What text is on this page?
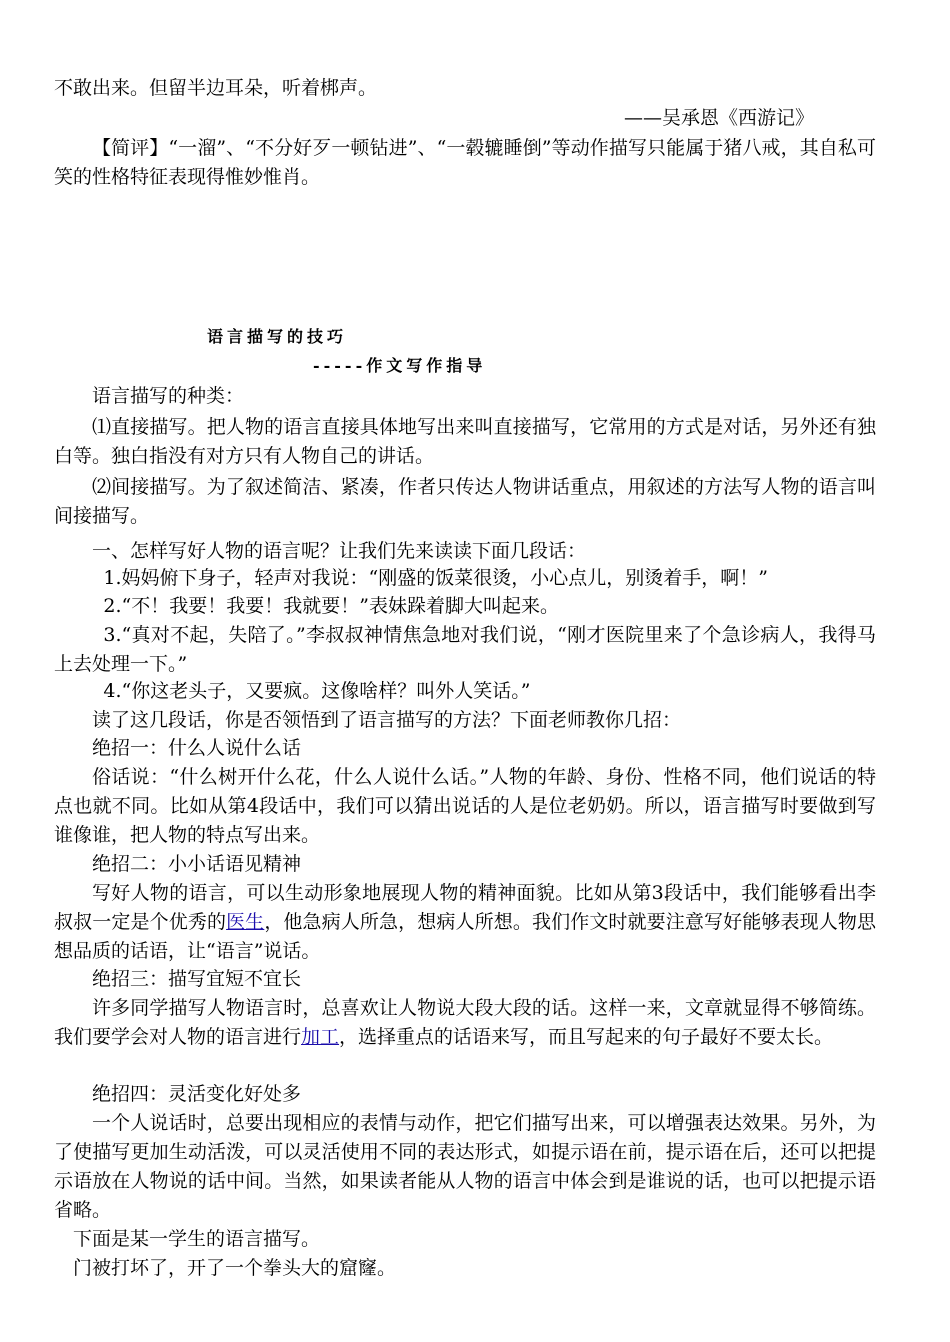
不敢出来。但留半边耳朵，听着梆声。

——吴承恩《西游记》

【简评】“一溜”、“不分好歹一顿钻进”、“一毂辘睡倒”等动作描写只能属于猪八戒，其自私可笑的性格特征表现得惟妙惟肖。

语言描写的技巧
-----作文写作指导

语言描写的种类：

⑴直接描写。把人物的语言直接具体地写出来叫直接描写，它常用的方式是对话，另外还有独白等。独白指没有对方只有人物自己的讲话。

⑵间接描写。为了叙述简洁、紧凑，作者只传达人物讲话重点，用叙述的方法写人物的语言叫间接描写。

一、怎样写好人物的语言呢？让我们先来读读下面几段话：

1.妈妈俯下身子，轻声对我说：“刚盛的饭菜很烫，小心点儿，别烫着手，啊！”

2.“不！我要！我要！我就要！”表妹跺着脚大叫起来。

3.“真对不起，失陪了。”李叔叔神情焦急地对我们说，“刚才医院里来了个急诊病人，我得马上去处理一下。”

4.“你这老头子，又要疯。这像啥样？叫外人笑话。”

读了这几段话，你是否领悟到了语言描写的方法？下面老师教你几招：

绝招一：什么人说什么话

俗话说：“什么树开什么花，什么人说什么话。”人物的年龄、身份、性格不同，他们说话的特点也就不同。比如从第4段话中，我们可以猜出说话的人是位老奶奶。所以，语言描写时要做到写谁像谁，把人物的特点写出来。

绝招二：小小话语见精神

写好人物的语言，可以生动形象地展现人物的精神面貌。比如从第3段话中，我们能够看出李叔叔一定是个优秀的医生，他急病人所急，想病人所想。我们作文时就要注意写好能够表现人物思想品质的话语，让“语言”说话。

绝招三：描写宜短不宜长

许多同学描写人物语言时，总喜欢让人物说大段大段的话。这样一来，文章就显得不够简练。我们要学会对人物的语言进行加工，选择重点的话语来写，而且写起来的句子最好不要太长。

绝招四：灵活变化好处多

一个人说话时，总要出现相应的表情与动作，把它们描写出来，可以增强表达效果。另外，为了使描写更加生动活泼，可以灵活使用不同的表达形式，如提示语在前，提示语在后，还可以把提示语放在人物说的话中间。当然，如果读者能从人物的语言中体会到是谁说的话，也可以把提示语省略。

下面是某一学生的语言描写。

门被打坏了，开了一个拳头大的窟窿。
